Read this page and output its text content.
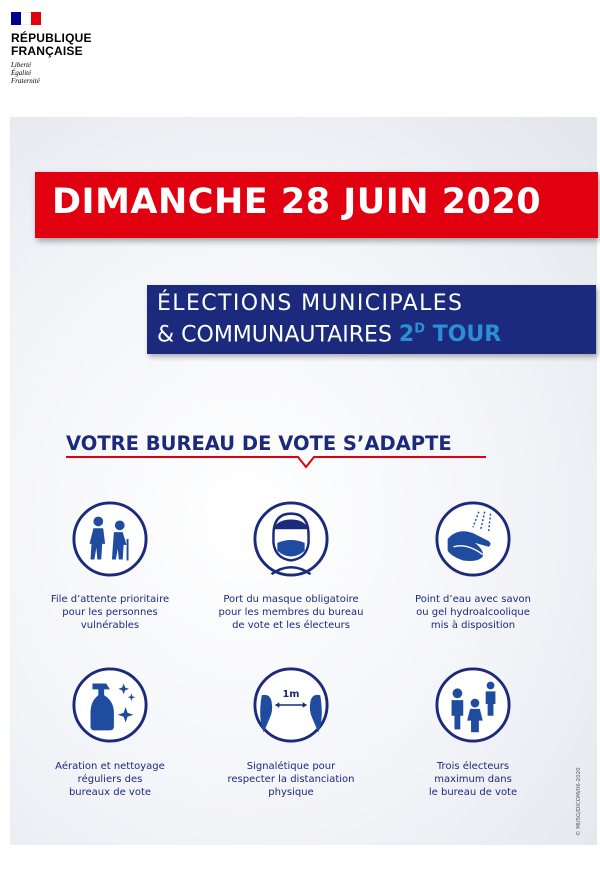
RÉPUBLIQUE
FRANÇAISE
Liberté
Égalité
Fraternité
DIMANCHE 28 JUIN 2020
ÉLECTIONS MUNICIPALES
& COMMUNAUTAIRES $2^D$ TOUR
VOTRE BUREAU DE VOTE S’ADAPTE
File d’attente prioritaire
pour les personnes
vulnérables
Port du masque obligatoire
pour les membres du bureau
de vote et les électeurs
Point d’eau avec savon
ou gel hydroalcoolique
mis à disposition
Aération et nettoyage
réguliers des
bureaux de vote
1m
Signalétique pour
respecter la distanciation
physique
Trois électeurs
maximum dans
le bureau de vote	© MI/SG/DICOM/06-2020
